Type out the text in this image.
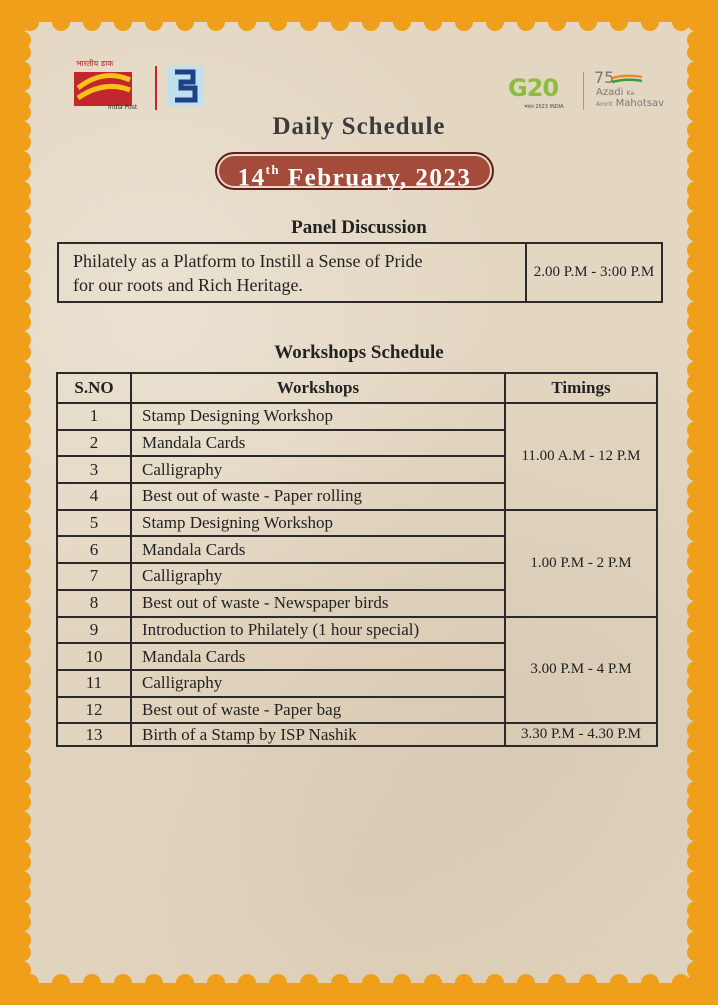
भारतीय डाक
India Post
G20
भारत 2023 INDIA
75
Azadi Ka
Amrit Mahotsav
Daily Schedule
14th February, 2023
Panel Discussion
Philately as a Platform to Instill a Sense of Pride
for our roots and Rich Heritage.
	2.00 P.M - 3:00 P.M
Workshops Schedule
S.NO	Workshops	Timings
1	Stamp Designing Workshop	11.00 A.M - 12 P.M
2	Mandala Cards	
3	Calligraphy	
4	Best out of waste - Paper rolling	
5	Stamp Designing Workshop	1.00 P.M - 2 P.M
6	Mandala Cards	
7	Calligraphy	
8	Best out of waste - Newspaper birds	
9	Introduction to Philately (1 hour special)	3.00 P.M - 4 P.M
10	Mandala Cards	
11	Calligraphy	
12	Best out of waste - Paper bag	
13	Birth of a Stamp by ISP Nashik	3.30 P.M - 4.30 P.M
